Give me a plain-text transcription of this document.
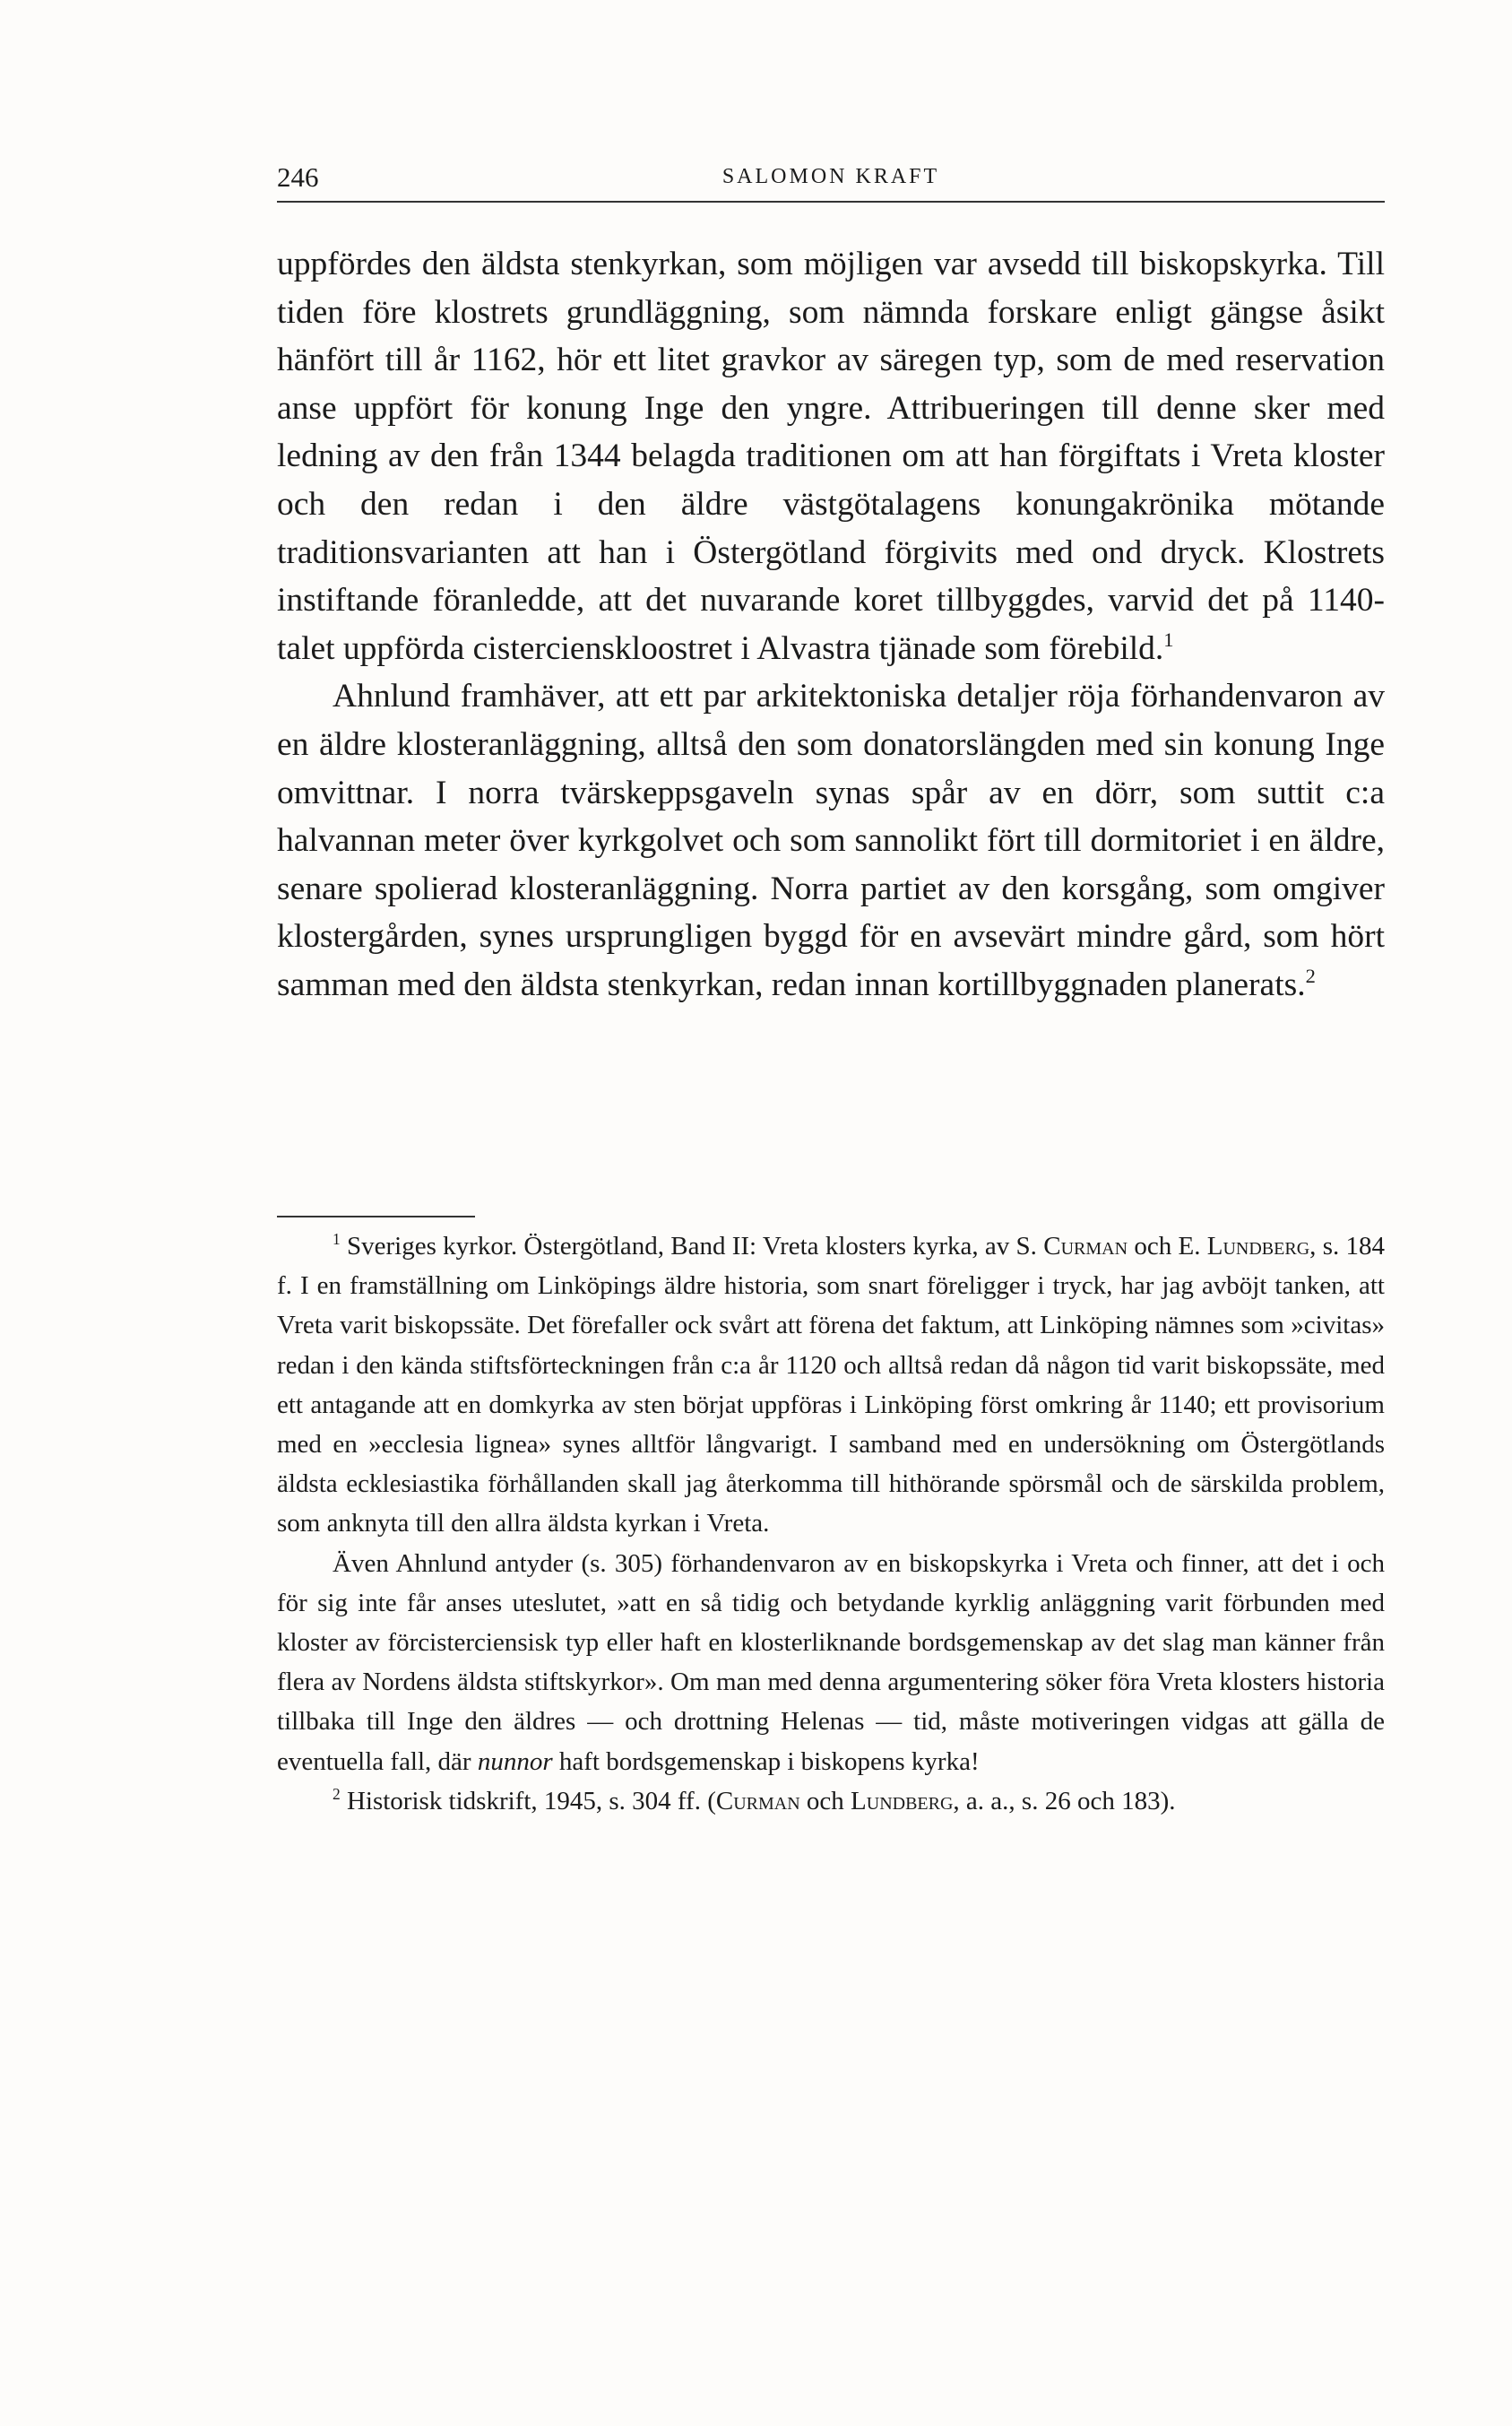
246	SALOMON KRAFT

uppfördes den äldsta stenkyrkan, som möjligen var avsedd till biskopskyrka. Till tiden före klostrets grundläggning, som nämnda forskare enligt gängse åsikt hänfört till år 1162, hör ett litet gravkor av säregen typ, som de med reservation anse uppfört för konung Inge den yngre. Attribueringen till denne sker med ledning av den från 1344 belagda traditionen om att han förgiftats i Vreta kloster och den redan i den äldre västgötalagens konungakrönika mötande traditionsvarianten att han i Östergötland förgivits med ond dryck. Klostrets instiftande föranledde, att det nuvarande koret tillbyggdes, varvid det på 1140-talet uppförda cistercienskloostret i Alvastra tjänade som förebild.$^1$

Ahnlund framhäver, att ett par arkitektoniska detaljer röja förhandenvaron av en äldre klosteranläggning, alltså den som donatorslängden med sin konung Inge omvittnar. I norra tvärskeppsgaveln synas spår av en dörr, som suttit c:a halvannan meter över kyrkgolvet och som sannolikt fört till dormitoriet i en äldre, senare spolierad klosteranläggning. Norra partiet av den korsgång, som omgiver klostergården, synes ursprungligen byggd för en avsevärt mindre gård, som hört samman med den äldsta stenkyrkan, redan innan kortillbyggnaden planerats.$^2$

$^1$ Sveriges kyrkor. Östergötland, Band II: Vreta klosters kyrka, av S. Curman och E. Lundberg, s. 184 f. I en framställning om Linköpings äldre historia, som snart föreligger i tryck, har jag avböjt tanken, att Vreta varit biskopssäte. Det förefaller ock svårt att förena det faktum, att Linköping nämnes som »civitas» redan i den kända stiftsförteckningen från c:a år 1120 och alltså redan då någon tid varit biskopssäte, med ett antagande att en domkyrka av sten börjat uppföras i Linköping först omkring år 1140; ett provisorium med en »ecclesia lignea» synes alltför långvarigt. I samband med en undersökning om Östergötlands äldsta ecklesiastika förhållanden skall jag återkomma till hithörande spörsmål och de särskilda problem, som anknyta till den allra äldsta kyrkan i Vreta.

Även Ahnlund antyder (s. 305) förhandenvaron av en biskopskyrka i Vreta och finner, att det i och för sig inte får anses uteslutet, »att en så tidig och betydande kyrklig anläggning varit förbunden med kloster av förcisterciensisk typ eller haft en klosterliknande bordsgemenskap av det slag man känner från flera av Nordens äldsta stiftskyrkor». Om man med denna argumentering söker föra Vreta klosters historia tillbaka till Inge den äldres — och drottning Helenas — tid, måste motiveringen vidgas att gälla de eventuella fall, där nunnor haft bordsgemenskap i biskopens kyrka!

$^2$ Historisk tidskrift, 1945, s. 304 ff. (Curman och Lundberg, a. a., s. 26 och 183).
